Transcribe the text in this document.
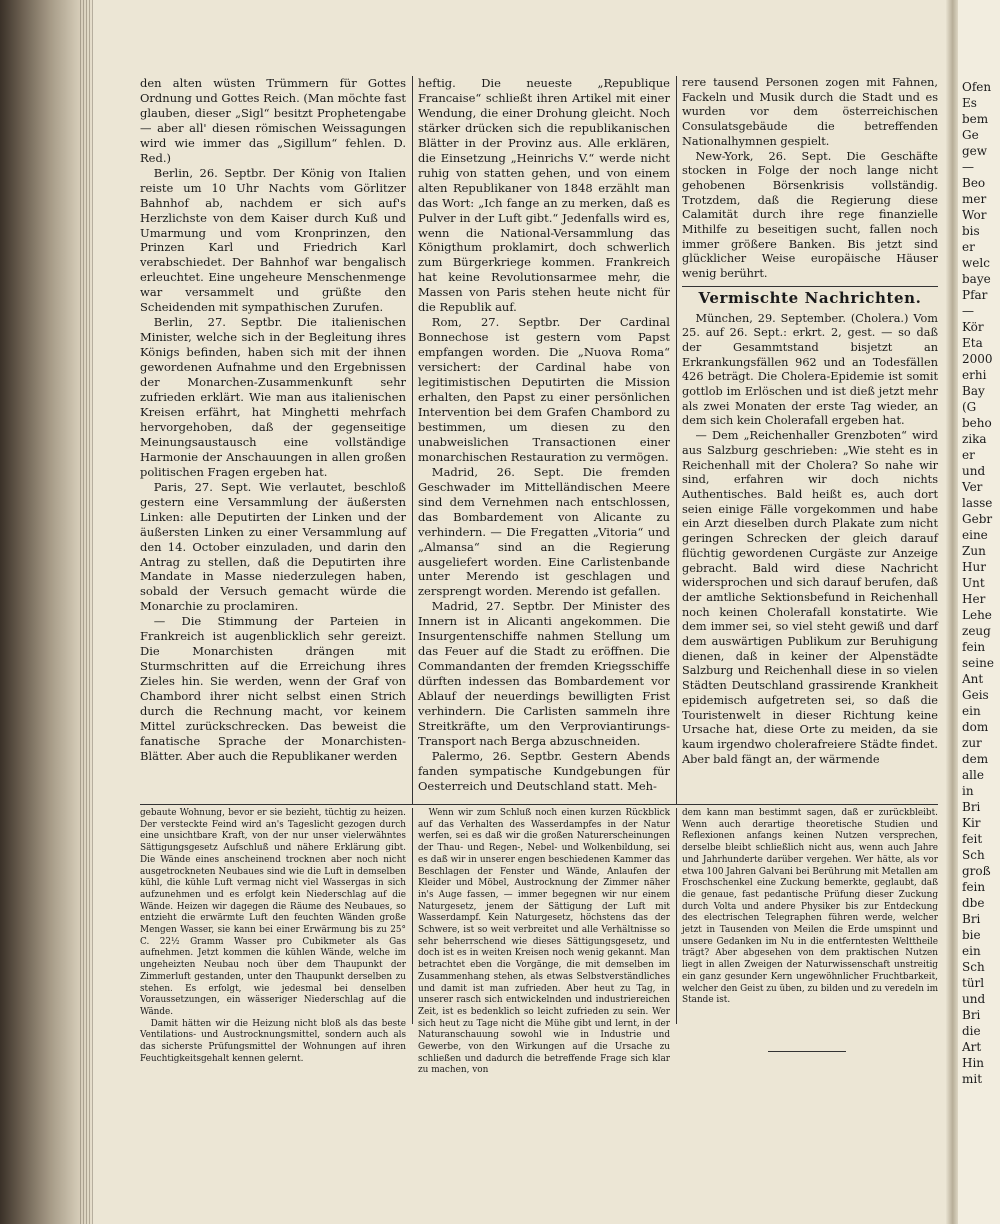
den alten wüsten Trümmern für Gottes Ordnung und Gottes Reich. (Man möchte fast glauben, dieser „Sigl“ besitzt Prophetengabe — aber all' diesen römischen Weissagungen wird wie immer das „Sigillum“ fehlen. D. Red.)

Berlin, 26. Septbr. Der König von Italien reiste um 10 Uhr Nachts vom Görlitzer Bahnhof ab, nachdem er sich auf's Herzlichste von dem Kaiser durch Kuß und Umarmung und vom Kronprinzen, den Prinzen Karl und Friedrich Karl verabschiedet. Der Bahnhof war bengalisch erleuchtet. Eine ungeheure Menschenmenge war versammelt und grüßte den Scheidenden mit sympathischen Zurufen.

Berlin, 27. Septbr. Die italienischen Minister, welche sich in der Begleitung ihres Königs befinden, haben sich mit der ihnen gewordenen Aufnahme und den Ergebnissen der Monarchen-Zusammenkunft sehr zufrieden erklärt. Wie man aus italienischen Kreisen erfährt, hat Minghetti mehrfach hervorgehoben, daß der gegenseitige Meinungsaustausch eine vollständige Harmonie der Anschauungen in allen großen politischen Fragen ergeben hat.

Paris, 27. Sept. Wie verlautet, beschloß gestern eine Versammlung der äußersten Linken: alle Deputirten der Linken und der äußersten Linken zu einer Versammlung auf den 14. October einzuladen, und darin den Antrag zu stellen, daß die Deputirten ihre Mandate in Masse niederzulegen haben, sobald der Versuch gemacht würde die Monarchie zu proclamiren.

— Die Stimmung der Parteien in Frankreich ist augenblicklich sehr gereizt. Die Monarchisten drängen mit Sturmschritten auf die Erreichung ihres Zieles hin. Sie werden, wenn der Graf von Chambord ihrer nicht selbst einen Strich durch die Rechnung macht, vor keinem Mittel zurückschrecken. Das beweist die fanatische Sprache der Monarchisten-Blätter. Aber auch die Republikaner werden

heftig. Die neueste „Republique Francaise“ schließt ihren Artikel mit einer Wendung, die einer Drohung gleicht. Noch stärker drücken sich die republikanischen Blätter in der Provinz aus. Alle erklären, die Einsetzung „Heinrichs V.“ werde nicht ruhig von statten gehen, und von einem alten Republikaner von 1848 erzählt man das Wort: „Ich fange an zu merken, daß es Pulver in der Luft gibt.“ Jedenfalls wird es, wenn die National-Versammlung das Königthum proklamirt, doch schwerlich zum Bürgerkriege kommen. Frankreich hat keine Revolutionsarmee mehr, die Massen von Paris stehen heute nicht für die Republik auf.

Rom, 27. Septbr. Der Cardinal Bonnechose ist gestern vom Papst empfangen worden. Die „Nuova Roma“ versichert: der Cardinal habe von legitimistischen Deputirten die Mission erhalten, den Papst zu einer persönlichen Intervention bei dem Grafen Chambord zu bestimmen, um diesen zu den unabweislichen Transactionen einer monarchischen Restauration zu vermögen.

Madrid, 26. Sept. Die fremden Geschwader im Mittelländischen Meere sind dem Vernehmen nach entschlossen, das Bombardement von Alicante zu verhindern. — Die Fregatten „Vitoria“ und „Almansa“ sind an die Regierung ausgeliefert worden. Eine Carlistenbande unter Merendo ist geschlagen und zersprengt worden. Merendo ist gefallen.

Madrid, 27. Septbr. Der Minister des Innern ist in Alicanti angekommen. Die Insurgentenschiffe nahmen Stellung um das Feuer auf die Stadt zu eröffnen. Die Commandanten der fremden Kriegsschiffe dürften indessen das Bombardement vor Ablauf der neuerdings bewilligten Frist verhindern. Die Carlisten sammeln ihre Streitkräfte, um den Verproviantirungs-Transport nach Berga abzuschneiden.

Palermo, 26. Septbr. Gestern Abends fanden sympatische Kundgebungen für Oesterreich und Deutschland statt. Meh-

rere tausend Personen zogen mit Fahnen, Fackeln und Musik durch die Stadt und es wurden vor dem österreichischen Consulatsgebäude die betreffenden Nationalhymnen gespielt.

New-York, 26. Sept. Die Geschäfte stocken in Folge der noch lange nicht gehobenen Börsenkrisis vollständig. Trotzdem, daß die Regierung diese Calamität durch ihre rege finanzielle Mithilfe zu beseitigen sucht, fallen noch immer größere Banken. Bis jetzt sind glücklicher Weise europäische Häuser wenig berührt.

Vermischte Nachrichten.

München, 29. September. (Cholera.) Vom 25. auf 26. Sept.: erkrt. 2, gest. — so daß der Gesammtstand bisjetzt an Erkrankungsfällen 962 und an Todesfällen 426 beträgt. Die Cholera-Epidemie ist somit gottlob im Erlöschen und ist dieß jetzt mehr als zwei Monaten der erste Tag wieder, an dem sich kein Cholerafall ergeben hat.

— Dem „Reichenhaller Grenzboten“ wird aus Salzburg geschrieben: „Wie steht es in Reichenhall mit der Cholera? So nahe wir sind, erfahren wir doch nichts Authentisches. Bald heißt es, auch dort seien einige Fälle vorgekommen und habe ein Arzt dieselben durch Plakate zum nicht geringen Schrecken der gleich darauf flüchtig gewordenen Curgäste zur Anzeige gebracht. Bald wird diese Nachricht widersprochen und sich darauf berufen, daß der amtliche Sektionsbefund in Reichenhall noch keinen Cholerafall konstatirte. Wie dem immer sei, so viel steht gewiß und darf dem auswärtigen Publikum zur Beruhigung dienen, daß in keiner der Alpenstädte Salzburg und Reichenhall diese in so vielen Städten Deutschland grassirende Krankheit epidemisch aufgetreten sei, so daß die Touristenwelt in dieser Richtung keine Ursache hat, diese Orte zu meiden, da sie kaum irgendwo cholerafreiere Städte findet. Aber bald fängt an, der wärmende

gebaute Wohnung, bevor er sie bezieht, tüchtig zu heizen. Der versteckte Feind wird an's Tageslicht gezogen durch eine unsichtbare Kraft, von der nur unser vielerwähntes Sättigungsgesetz Aufschluß und nähere Erklärung gibt. Die Wände eines anscheinend trocknen aber noch nicht ausgetrockneten Neubaues sind wie die Luft in demselben kühl, die kühle Luft vermag nicht viel Wassergas in sich aufzunehmen und es erfolgt kein Niederschlag auf die Wände. Heizen wir dagegen die Räume des Neubaues, so entzieht die erwärmte Luft den feuchten Wänden große Mengen Wasser, sie kann bei einer Erwärmung bis zu 25° C. 22½ Gramm Wasser pro Cubikmeter als Gas aufnehmen. Jetzt kommen die kühlen Wände, welche im ungeheizten Neubau noch über dem Thaupunkt der Zimmerluft gestanden, unter den Thaupunkt derselben zu stehen. Es erfolgt, wie jedesmal bei denselben Voraussetzungen, ein wässeriger Niederschlag auf die Wände.

Damit hätten wir die Heizung nicht bloß als das beste Ventilations- und Austrocknungsmittel, sondern auch als das sicherste Prüfungsmittel der Wohnungen auf ihren Feuchtigkeitsgehalt kennen gelernt.

Wenn wir zum Schluß noch einen kurzen Rückblick auf das Verhalten des Wasserdampfes in der Natur werfen, sei es daß wir die großen Naturerscheinungen der Thau- und Regen-, Nebel- und Wolkenbildung, sei es daß wir in unserer engen beschiedenen Kammer das Beschlagen der Fenster und Wände, Anlaufen der Kleider und Möbel, Austrocknung der Zimmer näher in's Auge fassen, — immer begegnen wir nur einem Naturgesetz, jenem der Sättigung der Luft mit Wasserdampf. Kein Naturgesetz, höchstens das der Schwere, ist so weit verbreitet und alle Verhältnisse so sehr beherrschend wie dieses Sättigungsgesetz, und doch ist es in weiten Kreisen noch wenig gekannt. Man betrachtet eben die Vorgänge, die mit demselben im Zusammenhang stehen, als etwas Selbstverständliches und damit ist man zufrieden. Aber heut zu Tag, in unserer rasch sich entwickelnden und industriereichen Zeit, ist es bedenklich so leicht zufrieden zu sein. Wer sich heut zu Tage nicht die Mühe gibt und lernt, in der Naturanschauung sowohl wie in Industrie und Gewerbe, von den Wirkungen auf die Ursache zu schließen und dadurch die betreffende Frage sich klar zu machen, von

dem kann man bestimmt sagen, daß er zurückbleibt. Wenn auch derartige theoretische Studien und Reflexionen anfangs keinen Nutzen versprechen, derselbe bleibt schließlich nicht aus, wenn auch Jahre und Jahrhunderte darüber vergehen. Wer hätte, als vor etwa 100 Jahren Galvani bei Berührung mit Metallen am Froschschenkel eine Zuckung bemerkte, geglaubt, daß die genaue, fast pedantische Prüfung dieser Zuckung durch Volta und andere Physiker bis zur Entdeckung des electrischen Telegraphen führen werde, welcher jetzt in Tausenden von Meilen die Erde umspinnt und unsere Gedanken im Nu in die entferntesten Welttheile trägt? Aber abgesehen von dem praktischen Nutzen liegt in allen Zweigen der Naturwissenschaft unstreitig ein ganz gesunder Kern ungewöhnlicher Fruchtbarkeit, welcher den Geist zu üben, zu bilden und zu veredeln im Stande ist.

Ofen
Es
bem
Ge
gew
—
Beo
mer
Wor
bis
er
welc
baye
Pfar
—
Kör
Eta
2000
erhi
Bay
(G
beho
zika
er
und
Ver
lasse
Gebr
eine
Zun
Hur
Unt
Her
Lehe
zeug
fein
seine
Ant
Geis
ein
dom
zur
dem
alle
in
Bri
Kir
feit
Sch
groß
fein
dbe
Bri
bie
ein
Sch
türl
und
Bri
die
Art
Hin
mit
